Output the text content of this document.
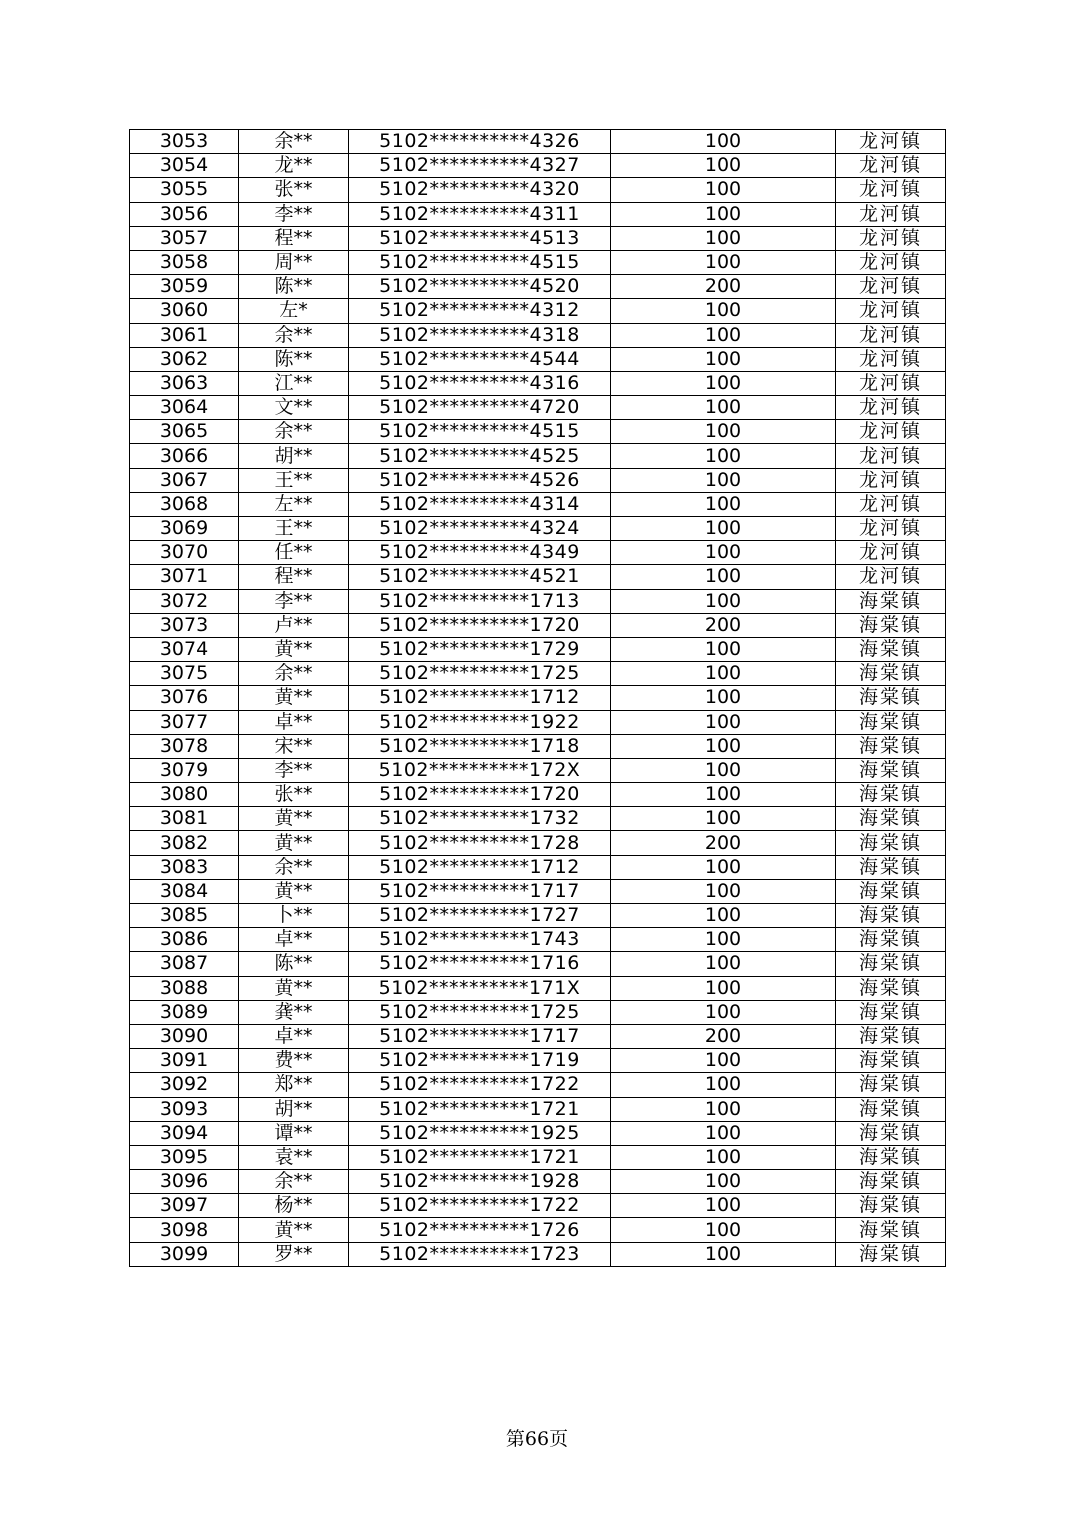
3053	余**	5102**********4326	100	龙河镇
3054	龙**	5102**********4327	100	龙河镇
3055	张**	5102**********4320	100	龙河镇
3056	李**	5102**********4311	100	龙河镇
3057	程**	5102**********4513	100	龙河镇
3058	周**	5102**********4515	100	龙河镇
3059	陈**	5102**********4520	200	龙河镇
3060	左*	5102**********4312	100	龙河镇
3061	余**	5102**********4318	100	龙河镇
3062	陈**	5102**********4544	100	龙河镇
3063	江**	5102**********4316	100	龙河镇
3064	文**	5102**********4720	100	龙河镇
3065	余**	5102**********4515	100	龙河镇
3066	胡**	5102**********4525	100	龙河镇
3067	王**	5102**********4526	100	龙河镇
3068	左**	5102**********4314	100	龙河镇
3069	王**	5102**********4324	100	龙河镇
3070	任**	5102**********4349	100	龙河镇
3071	程**	5102**********4521	100	龙河镇
3072	李**	5102**********1713	100	海棠镇
3073	卢**	5102**********1720	200	海棠镇
3074	黄**	5102**********1729	100	海棠镇
3075	余**	5102**********1725	100	海棠镇
3076	黄**	5102**********1712	100	海棠镇
3077	卓**	5102**********1922	100	海棠镇
3078	宋**	5102**********1718	100	海棠镇
3079	李**	5102**********172X	100	海棠镇
3080	张**	5102**********1720	100	海棠镇
3081	黄**	5102**********1732	100	海棠镇
3082	黄**	5102**********1728	200	海棠镇
3083	余**	5102**********1712	100	海棠镇
3084	黄**	5102**********1717	100	海棠镇
3085	卜**	5102**********1727	100	海棠镇
3086	卓**	5102**********1743	100	海棠镇
3087	陈**	5102**********1716	100	海棠镇
3088	黄**	5102**********171X	100	海棠镇
3089	龚**	5102**********1725	100	海棠镇
3090	卓**	5102**********1717	200	海棠镇
3091	费**	5102**********1719	100	海棠镇
3092	郑**	5102**********1722	100	海棠镇
3093	胡**	5102**********1721	100	海棠镇
3094	谭**	5102**********1925	100	海棠镇
3095	袁**	5102**********1721	100	海棠镇
3096	余**	5102**********1928	100	海棠镇
3097	杨**	5102**********1722	100	海棠镇
3098	黄**	5102**********1726	100	海棠镇
3099	罗**	5102**********1723	100	海棠镇
第66页
